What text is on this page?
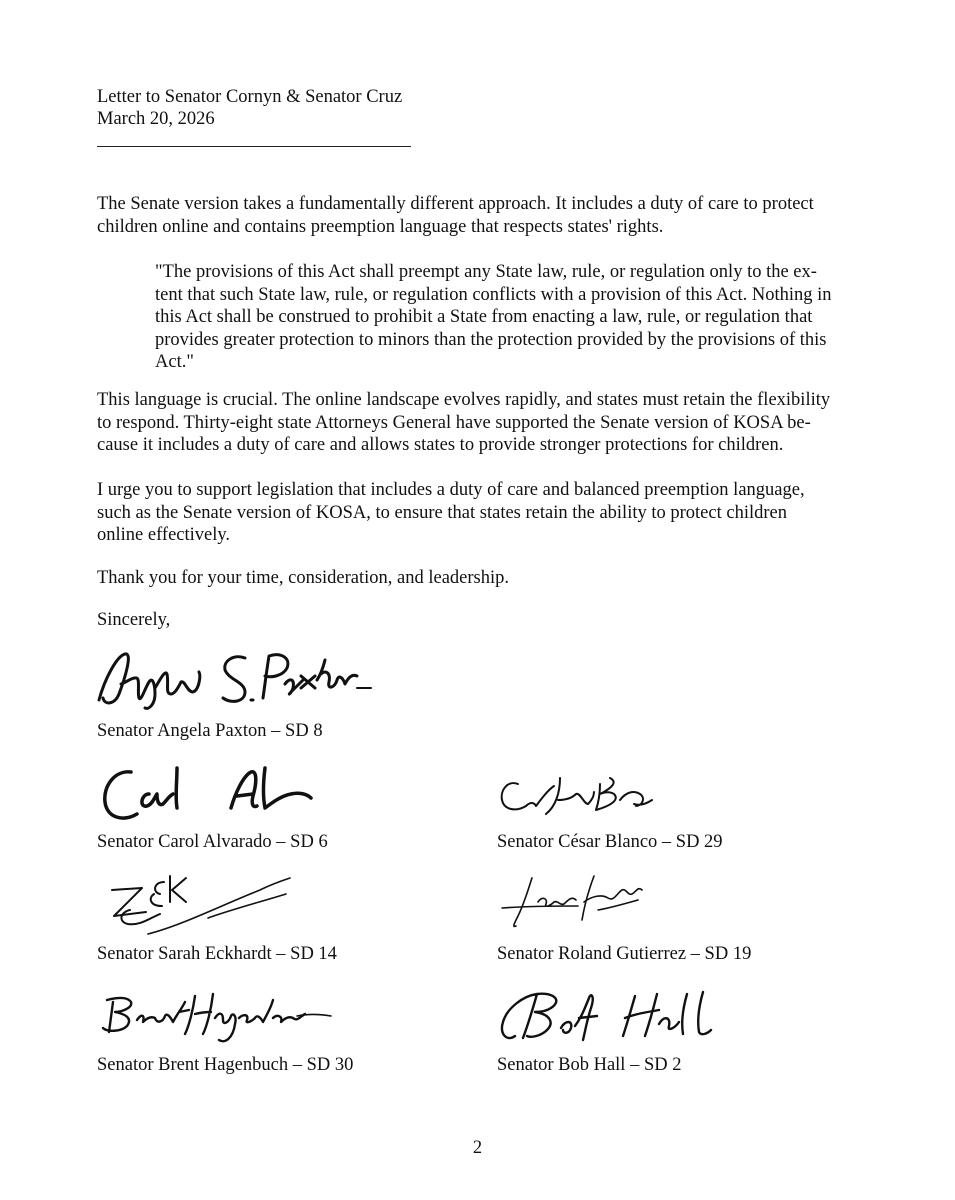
Letter to Senator Cornyn & Senator Cruz
March 20, 2026
The Senate version takes a fundamentally different approach. It includes a duty of care to protect children online and contains preemption language that respects states' rights.
"The provisions of this Act shall preempt any State law, rule, or regulation only to the ex-
tent that such State law, rule, or regulation conflicts with a provision of this Act. Nothing in
this Act shall be construed to prohibit a State from enacting a law, rule, or regulation that
provides greater protection to minors than the protection provided by the provisions of this
Act."
This language is crucial. The online landscape evolves rapidly, and states must retain the flexibility
to respond. Thirty-eight state Attorneys General have supported the Senate version of KOSA be-
cause it includes a duty of care and allows states to provide stronger protections for children.
I urge you to support legislation that includes a duty of care and balanced preemption language,
such as the Senate version of KOSA, to ensure that states retain the ability to protect children
online effectively.
Thank you for your time, consideration, and leadership.
Sincerely,
Senator Angela Paxton – SD 8
Senator Carol Alvarado – SD 6	Senator César Blanco – SD 29
Senator Sarah Eckhardt – SD 14	Senator Roland Gutierrez – SD 19
Senator Brent Hagenbuch – SD 30	Senator Bob Hall – SD 2
2
